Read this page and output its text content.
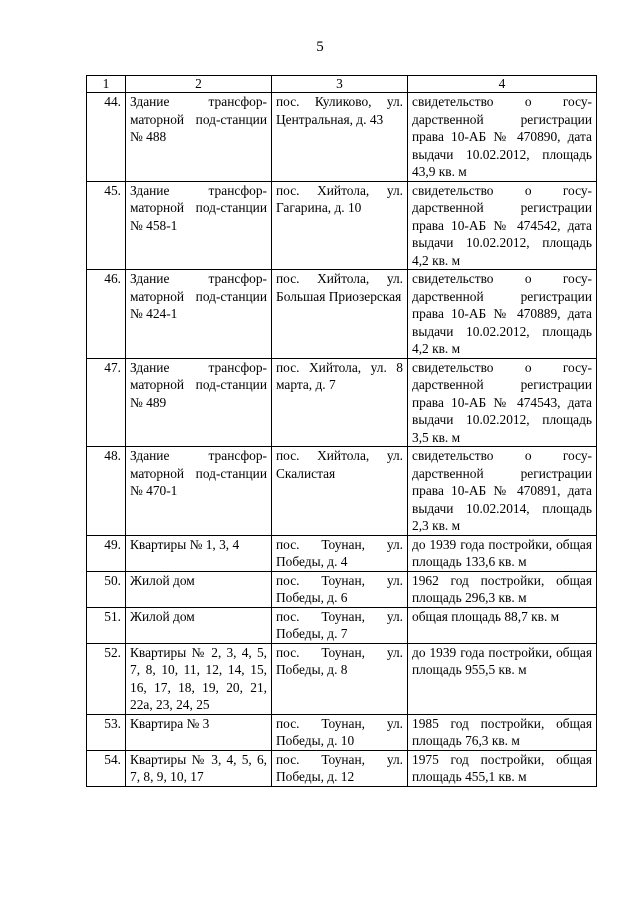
5
1	2	3	4
44.	Здание трансфор-маторной под-станции № 488	пос. Куликово, ул. Центральная, д. 43	свидетельство о госу-дарственной регистрации права 10-АБ № 470890, дата выдачи 10.02.2012, площадь 43,9 кв. м
45.	Здание трансфор-маторной под-станции № 458-1	пос. Хийтола, ул. Гагарина, д. 10	свидетельство о госу-дарственной регистрации права 10-АБ № 474542, дата выдачи 10.02.2012, площадь 4,2 кв. м
46.	Здание трансфор-маторной под-станции № 424-1	пос. Хийтола, ул. Большая Приозерская	свидетельство о госу-дарственной регистрации права 10-АБ № 470889, дата выдачи 10.02.2012, площадь 4,2 кв. м
47.	Здание трансфор-маторной под-станции № 489	пос. Хийтола, ул. 8 марта, д. 7	свидетельство о госу-дарственной регистрации права 10-АБ № 474543, дата выдачи 10.02.2012, площадь 3,5 кв. м
48.	Здание трансфор-маторной под-станции № 470-1	пос. Хийтола, ул. Скалистая	свидетельство о госу-дарственной регистрации права 10-АБ № 470891, дата выдачи 10.02.2014, площадь 2,3 кв. м
49.	Квартиры № 1, 3, 4	пос. Тоунан, ул. Победы, д. 4	до 1939 года постройки, общая площадь 133,6 кв. м
50.	Жилой дом	пос. Тоунан, ул. Победы, д. 6	1962 год постройки, общая площадь 296,3 кв. м
51.	Жилой дом	пос. Тоунан, ул. Победы, д. 7	общая площадь 88,7 кв. м
52.	Квартиры № 2, 3, 4, 5, 7, 8, 10, 11, 12, 14, 15, 16, 17, 18, 19, 20, 21, 22а, 23, 24, 25	пос. Тоунан, ул. Победы, д. 8	до 1939 года постройки, общая площадь 955,5 кв. м
53.	Квартира № 3	пос. Тоунан, ул. Победы, д. 10	1985 год постройки, общая площадь 76,3 кв. м
54.	Квартиры № 3, 4, 5, 6, 7, 8, 9, 10, 17	пос. Тоунан, ул. Победы, д. 12	1975 год постройки, общая площадь 455,1 кв. м
